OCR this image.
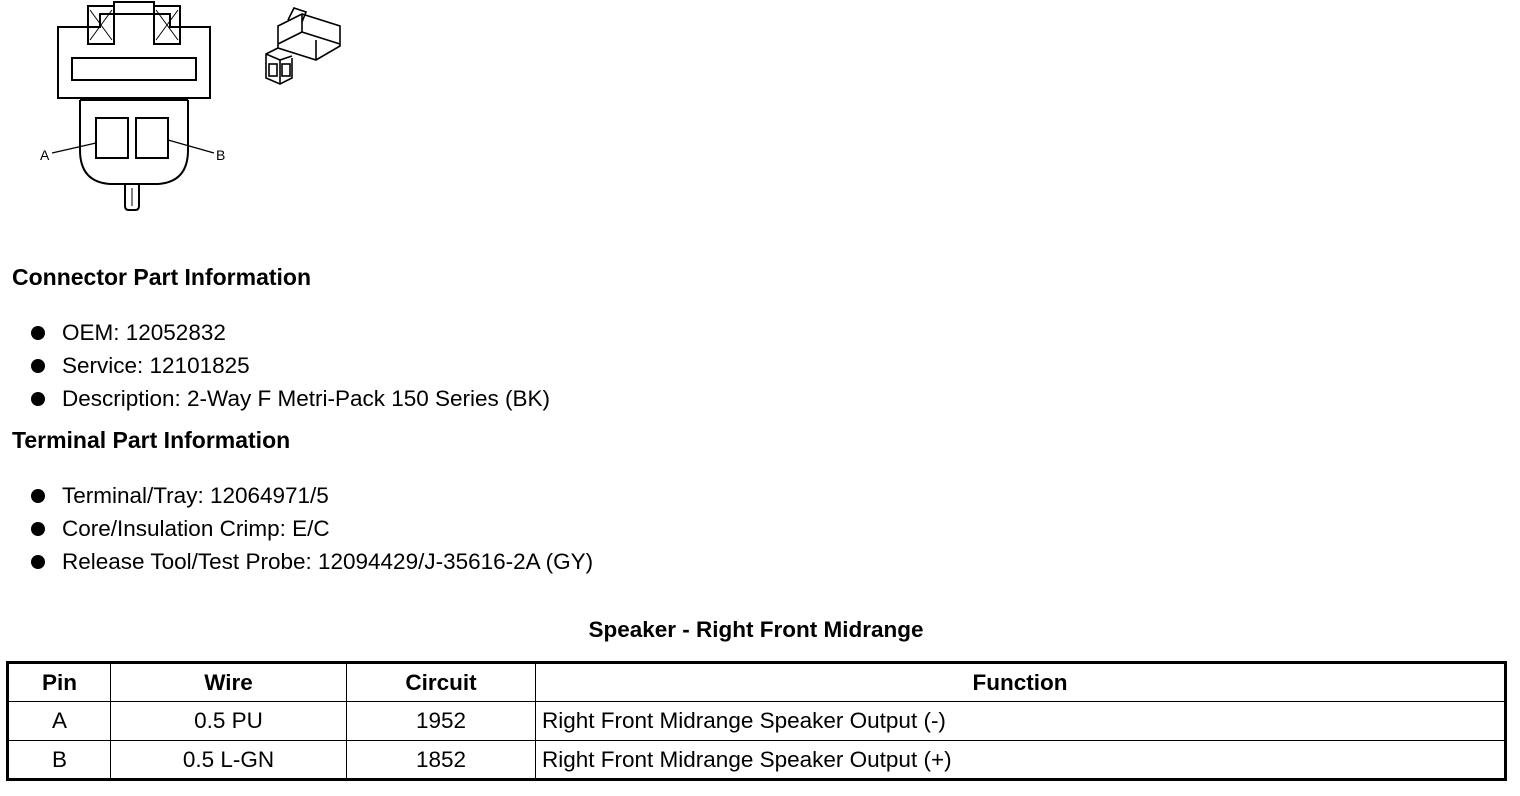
A	B
Connector Part Information
OEM: 12052832
Service: 12101825
Description: 2-Way F Metri-Pack 150 Series (BK)
Terminal Part Information
Terminal/Tray: 12064971/5
Core/Insulation Crimp: E/C
Release Tool/Test Probe: 12094429/J-35616-2A (GY)
Speaker - Right Front Midrange
Pin	Wire	Circuit	Function
A	0.5 PU	1952	Right Front Midrange Speaker Output (-)
B	0.5 L-GN	1852	Right Front Midrange Speaker Output (+)
